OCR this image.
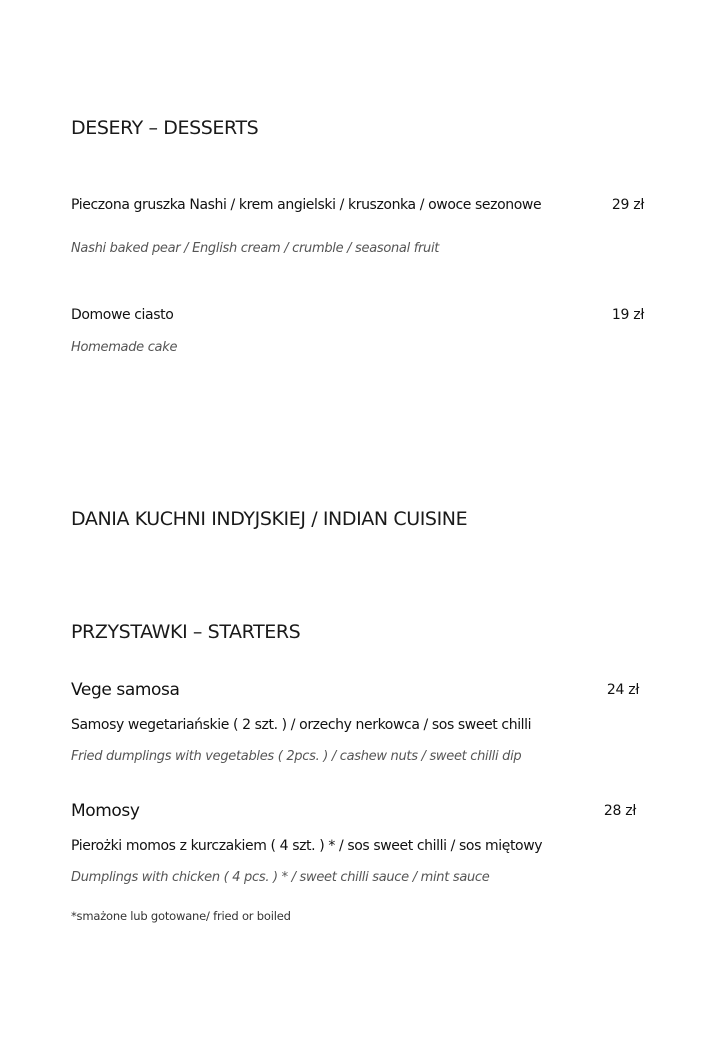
DESERY – DESSERTS
Pieczona gruszka Nashi / krem angielski / kruszonka / owoce sezonowe	29 zł
Nashi baked pear / English cream / crumble / seasonal fruit
Domowe ciasto	19 zł
Homemade cake
DANIA KUCHNI INDYJSKIEJ / INDIAN CUISINE
PRZYSTAWKI – STARTERS
Vege samosa	24 zł
Samosy wegetariańskie ( 2 szt. ) / orzechy nerkowca / sos sweet chilli
Fried dumplings with vegetables ( 2pcs. ) / cashew nuts / sweet chilli dip
Momosy	28 zł
Pierożki momos z kurczakiem ( 4 szt. ) * / sos sweet chilli / sos miętowy
Dumplings with chicken ( 4 pcs. ) * / sweet chilli sauce / mint sauce
*smażone lub gotowane/ fried or boiled
